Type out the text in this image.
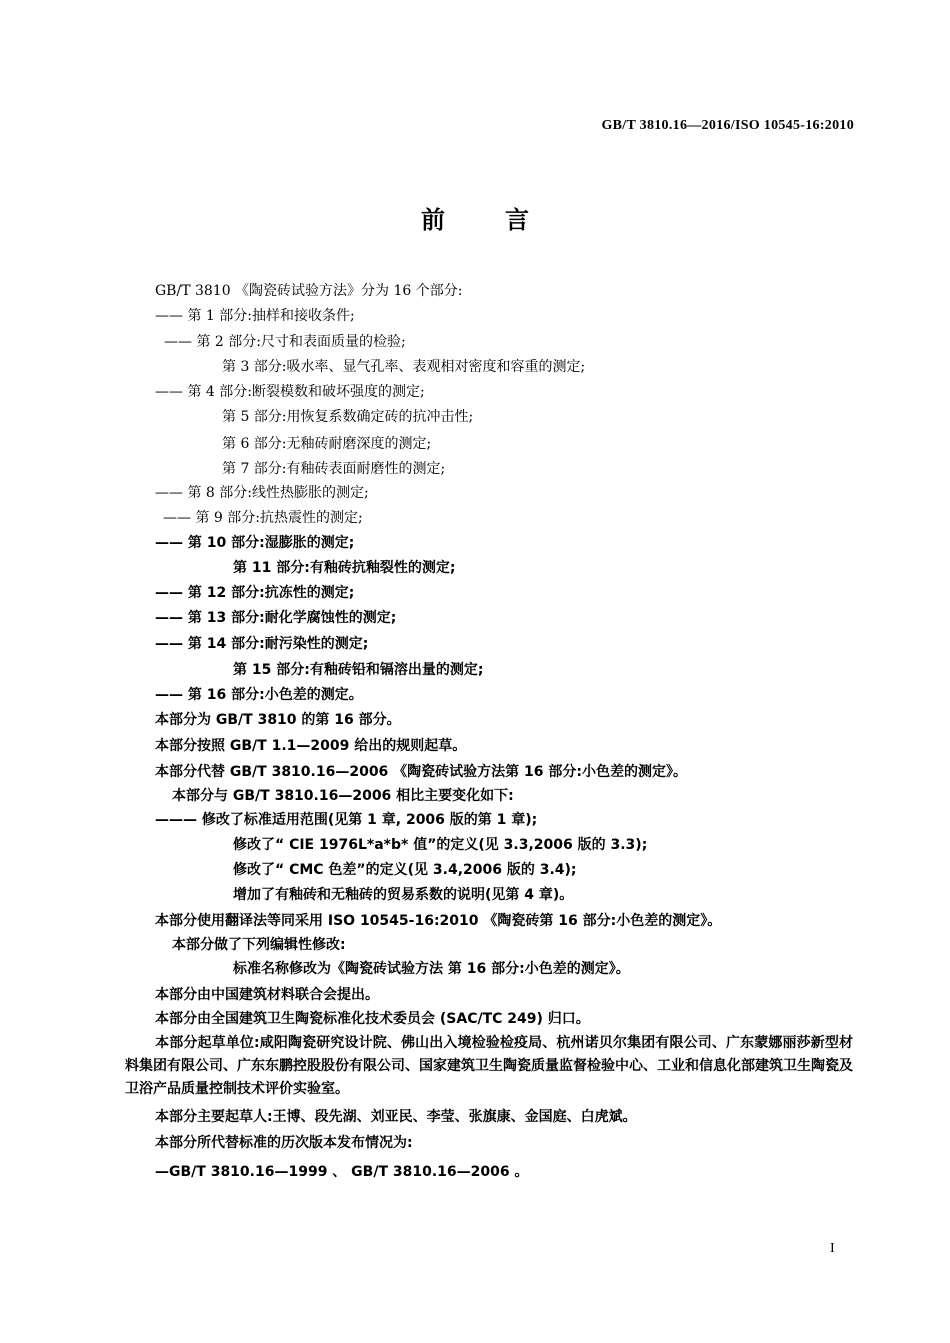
GB/T 3810.16—2016/ISO 10545-16:2010
前	言
GB/T 3810 《陶瓷砖试验方法》分为 16 个部分:
—— 第 1 部分:抽样和接收条件;
—— 第 2 部分:尺寸和表面质量的检验;
第 3 部分:吸水率、显气孔率、表观相对密度和容重的测定;
—— 第 4 部分:断裂模数和破坏强度的测定;
第 5 部分:用恢复系数确定砖的抗冲击性;
第 6 部分:无釉砖耐磨深度的测定;
第 7 部分:有釉砖表面耐磨性的测定;
—— 第 8 部分:线性热膨胀的测定;
—— 第 9 部分:抗热震性的测定;
—— 第 10 部分:湿膨胀的测定;
第 11 部分:有釉砖抗釉裂性的测定;
—— 第 12 部分:抗冻性的测定;
—— 第 13 部分:耐化学腐蚀性的测定;
—— 第 14 部分:耐污染性的测定;
第 15 部分:有釉砖铅和镉溶出量的测定;
—— 第 16 部分:小色差的测定。
本部分为 GB/T 3810 的第 16 部分。
本部分按照 GB/T 1.1—2009 给出的规则起草。
本部分代替 GB/T 3810.16—2006 《陶瓷砖试验方法第 16 部分:小色差的测定》。
本部分与 GB/T 3810.16—2006 相比主要变化如下:
——— 修改了标准适用范围(见第 1 章, 2006 版的第 1 章);
修改了“ CIE 1976L*a*b* 值”的定义(见 3.3,2006 版的 3.3);
修改了“ CMC 色差”的定义(见 3.4,2006 版的 3.4);
增加了有釉砖和无釉砖的贸易系数的说明(见第 4 章)。
本部分使用翻译法等同采用 ISO 10545-16:2010 《陶瓷砖第 16 部分:小色差的测定》。
本部分做了下列编辑性修改:
标准名称修改为《陶瓷砖试验方法 第 16 部分:小色差的测定》。
本部分由中国建筑材料联合会提出。
本部分由全国建筑卫生陶瓷标准化技术委员会 (SAC/TC 249) 归口。
本部分起草单位:咸阳陶瓷研究设计院、佛山出入境检验检疫局、杭州诺贝尔集团有限公司、广东蒙娜丽莎新型材料集团有限公司、广东东鹏控股股份有限公司、国家建筑卫生陶瓷质量监督检验中心、工业和信息化部建筑卫生陶瓷及卫浴产品质量控制技术评价实验室。
本部分主要起草人:王博、段先湖、刘亚民、李莹、张旗康、金国庭、白虎斌。
本部分所代替标准的历次版本发布情况为:
—GB/T 3810.16—1999 、 GB/T 3810.16—2006 。
I
